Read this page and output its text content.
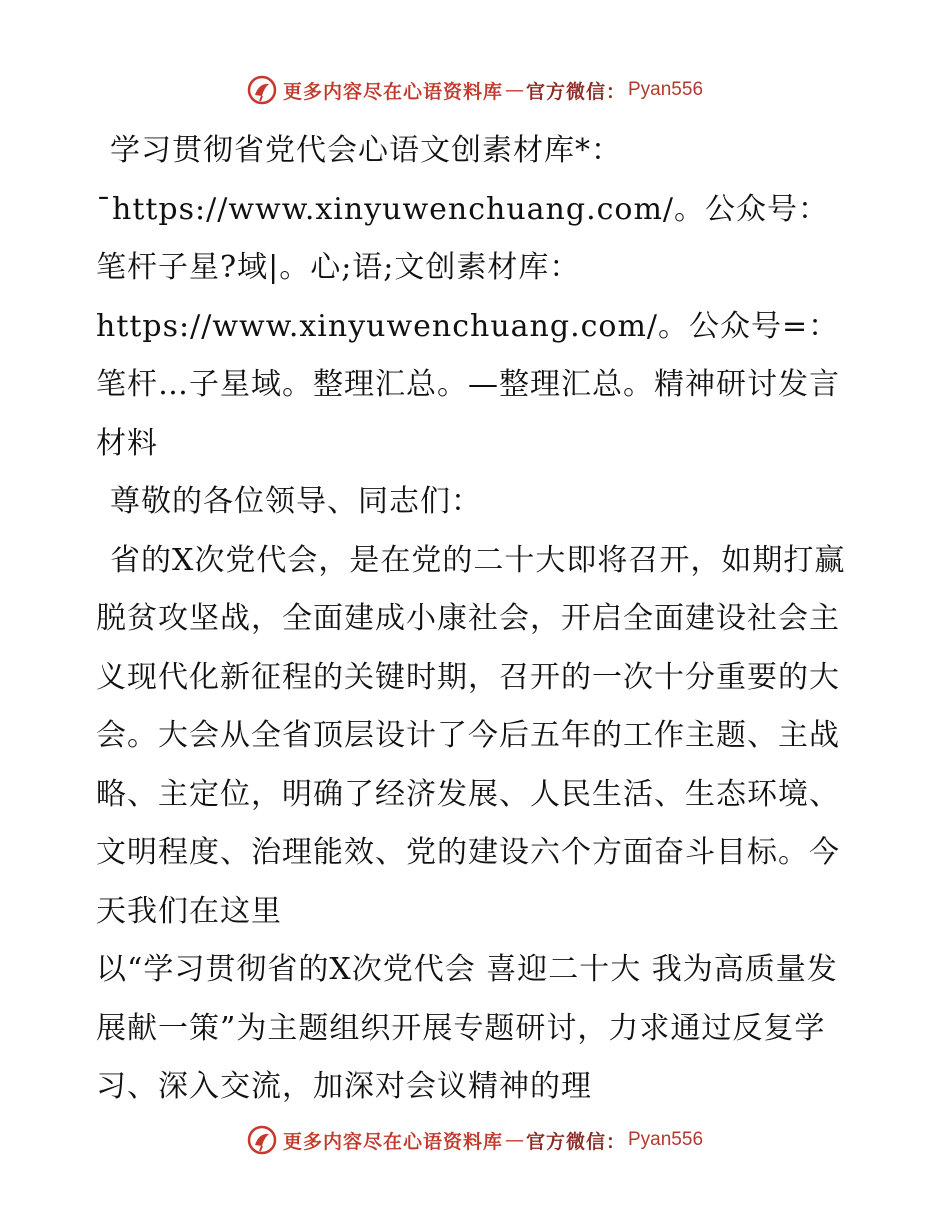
更多内容尽在心语资料库 — 官方微信： Pyan556

学习贯彻省党代会心语文创素材库*：¯https://www.xinyuwenchuang.com/。公众号：笔杆子星?域|。心;语;文创素材库：https://www.xinyuwenchuang.com/。公众号=：笔杆…子星域。整理汇总。—整理汇总。精神研讨发言材料

尊敬的各位领导、同志们：

省的X次党代会，是在党的二十大即将召开，如期打赢脱贫攻坚战，全面建成小康社会，开启全面建设社会主义现代化新征程的关键时期，召开的一次十分重要的大会。大会从全省顶层设计了今后五年的工作主题、主战略、主定位，明确了经济发展、人民生活、生态环境、文明程度、治理能效、党的建设六个方面奋斗目标。今天我们在这里

以“学习贯彻省的X次党代会 喜迎二十大 我为高质量发展献一策”为主题组织开展专题研讨，力求通过反复学习、深入交流，加深对会议精神的理

更多内容尽在心语资料库 — 官方微信： Pyan556
